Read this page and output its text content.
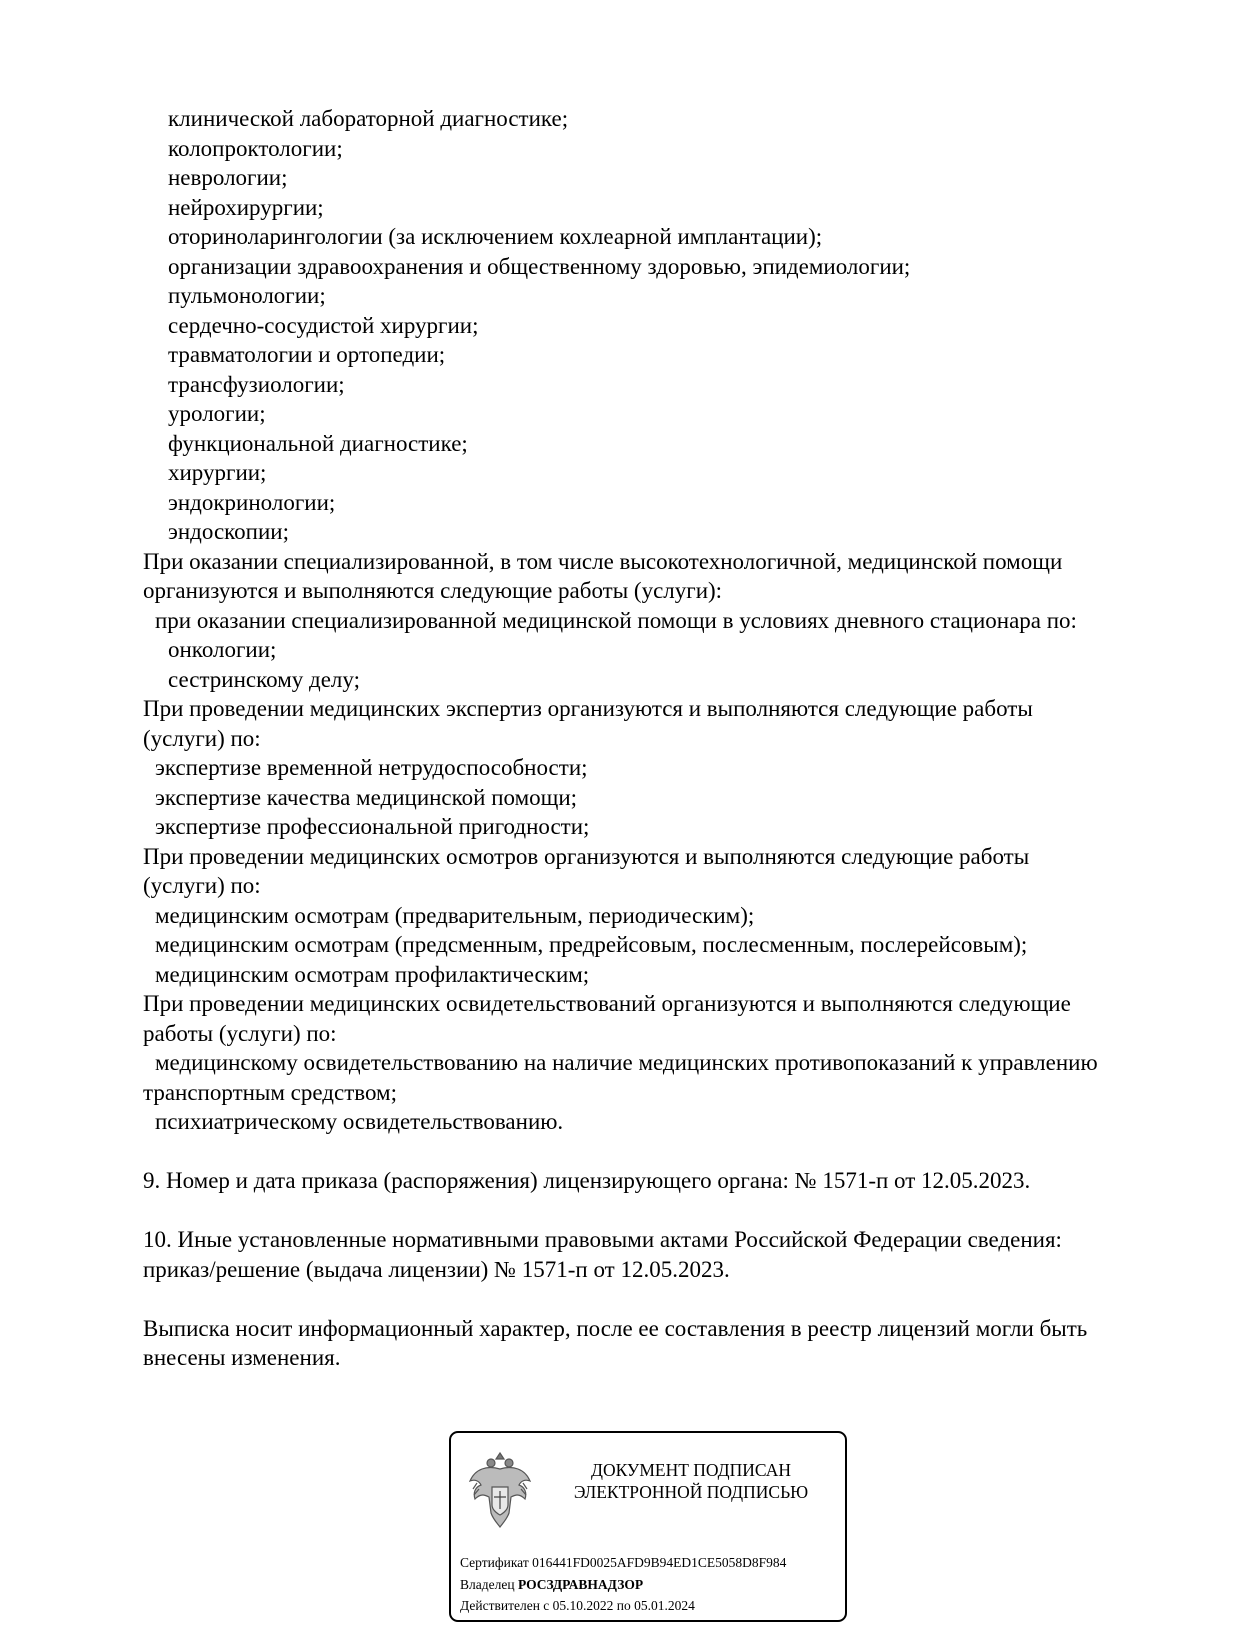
клинической лабораторной диагностике;
колопроктологии;
неврологии;
нейрохирургии;
оториноларингологии (за исключением кохлеарной имплантации);
организации здравоохранения и общественному здоровью, эпидемиологии;
пульмонологии;
сердечно-сосудистой хирургии;
травматологии и ортопедии;
трансфузиологии;
урологии;
функциональной диагностике;
хирургии;
эндокринологии;
эндоскопии;
При оказании специализированной, в том числе высокотехнологичной, медицинской помощи
организуются и выполняются следующие работы (услуги):
при оказании специализированной медицинской помощи в условиях дневного стационара по:
онкологии;
сестринскому делу;
При проведении медицинских экспертиз организуются и выполняются следующие работы
(услуги) по:
экспертизе временной нетрудоспособности;
экспертизе качества медицинской помощи;
экспертизе профессиональной пригодности;
При проведении медицинских осмотров организуются и выполняются следующие работы
(услуги) по:
медицинским осмотрам (предварительным, периодическим);
медицинским осмотрам (предсменным, предрейсовым, послесменным, послерейсовым);
медицинским осмотрам профилактическим;
При проведении медицинских освидетельствований организуются и выполняются следующие
работы (услуги) по:
медицинскому освидетельствованию на наличие медицинских противопоказаний к управлению
транспортным средством;
психиатрическому освидетельствованию.
9. Номер и дата приказа (распоряжения) лицензирующего органа: № 1571-п от 12.05.2023.
10. Иные установленные нормативными правовыми актами Российской Федерации сведения:
приказ/решение (выдача лицензии) № 1571-п от 12.05.2023.
Выписка носит информационный характер, после ее составления в реестр лицензий могли быть
внесены изменения.
ДОКУМЕНТ ПОДПИСАН
ЭЛЕКТРОННОЙ ПОДПИСЬЮ
Сертификат 016441FD0025AFD9B94ED1CE5058D8F984
Владелец РОСЗДРАВНАДЗОР
Действителен с 05.10.2022 по 05.01.2024
